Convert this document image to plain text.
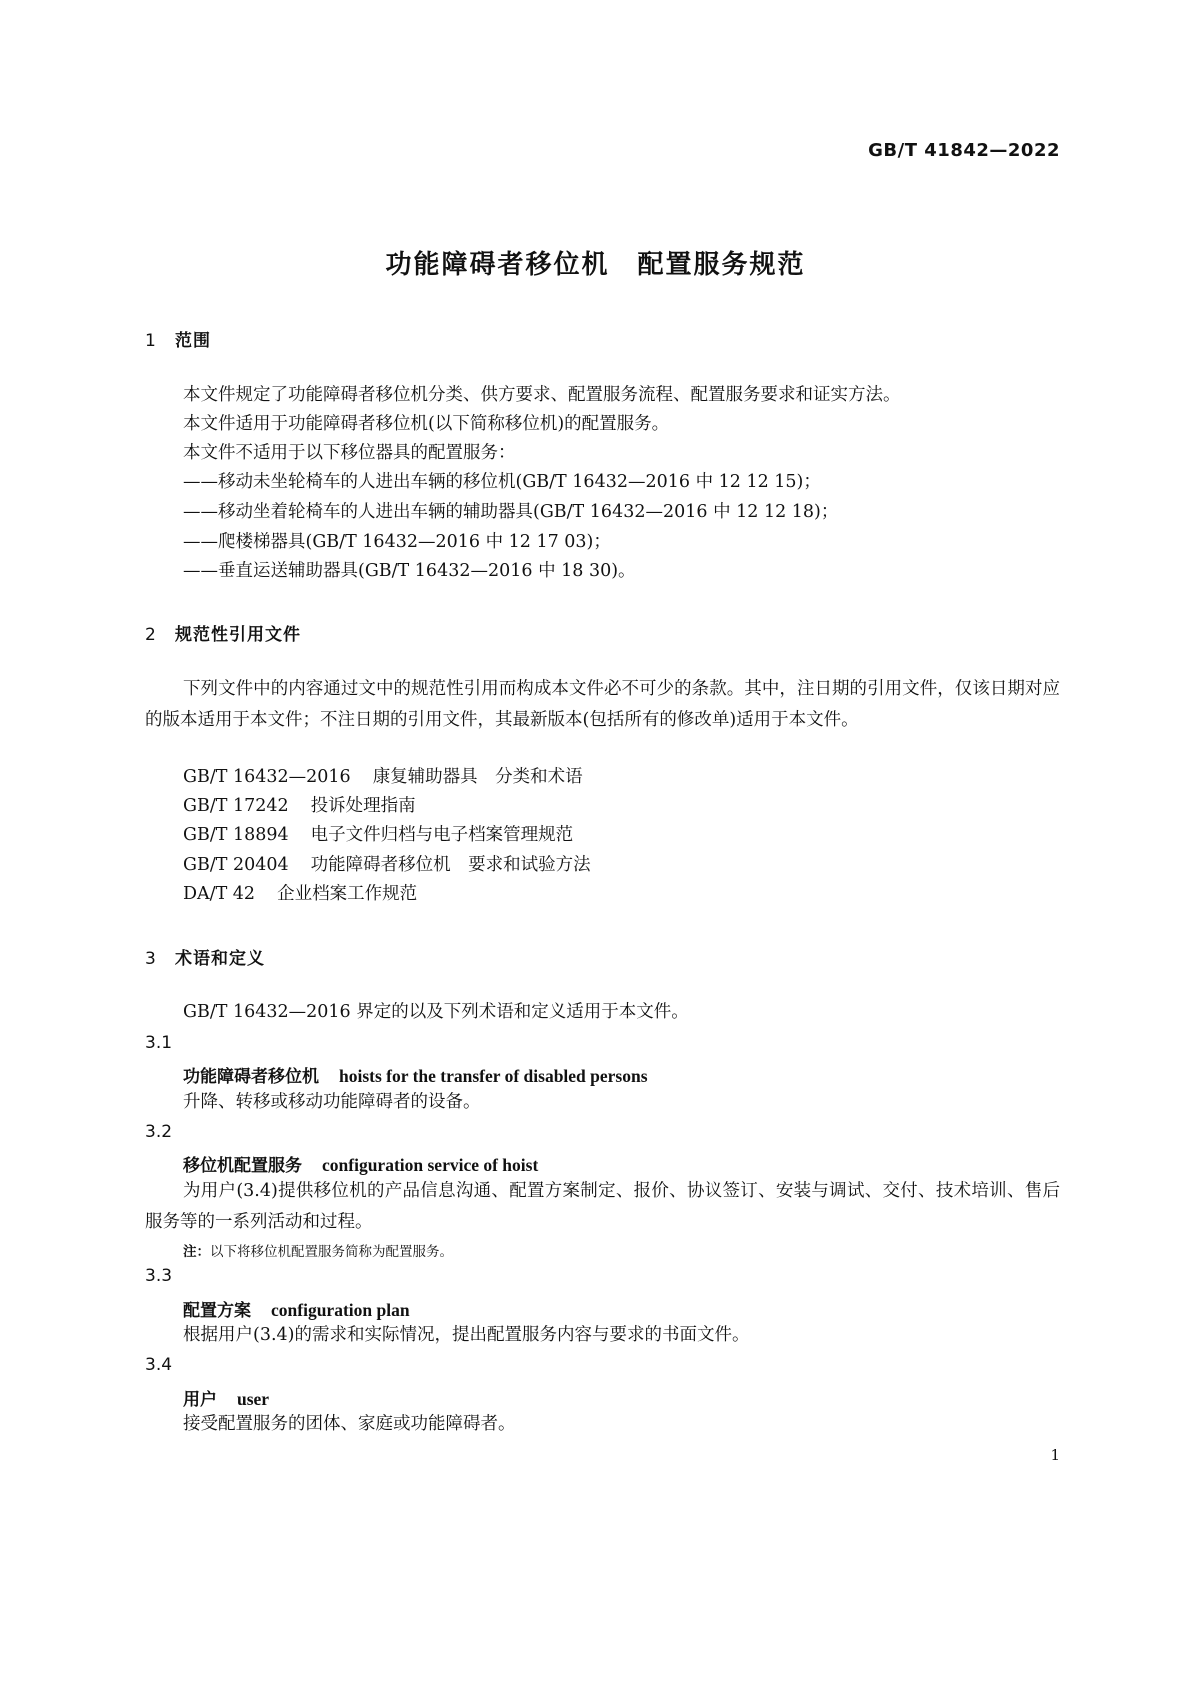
GB/T 41842—2022
功能障碍者移位机　配置服务规范
1 范围
本文件规定了功能障碍者移位机分类、供方要求、配置服务流程、配置服务要求和证实方法。
本文件适用于功能障碍者移位机(以下简称移位机)的配置服务。
本文件不适用于以下移位器具的配置服务：
——移动未坐轮椅车的人进出车辆的移位机(GB/T 16432—2016 中 12 12 15)；
——移动坐着轮椅车的人进出车辆的辅助器具(GB/T 16432—2016 中 12 12 18)；
——爬楼梯器具(GB/T 16432—2016 中 12 17 03)；
——垂直运送辅助器具(GB/T 16432—2016 中 18 30)。
2 规范性引用文件
下列文件中的内容通过文中的规范性引用而构成本文件必不可少的条款。其中，注日期的引用文件，仅该日期对应的版本适用于本文件；不注日期的引用文件，其最新版本(包括所有的修改单)适用于本文件。
GB/T 16432—2016 康复辅助器具　分类和术语
GB/T 17242 投诉处理指南
GB/T 18894 电子文件归档与电子档案管理规范
GB/T 20404 功能障碍者移位机　要求和试验方法
DA/T 42 企业档案工作规范
3 术语和定义
GB/T 16432—2016 界定的以及下列术语和定义适用于本文件。
3.1
功能障碍者移位机 hoists for the transfer of disabled persons
升降、转移或移动功能障碍者的设备。
3.2
移位机配置服务 configuration service of hoist
为用户(3.4)提供移位机的产品信息沟通、配置方案制定、报价、协议签订、安装与调试、交付、技术培训、售后服务等的一系列活动和过程。
注：以下将移位机配置服务简称为配置服务。
3.3
配置方案 configuration plan
根据用户(3.4)的需求和实际情况，提出配置服务内容与要求的书面文件。
3.4
用户 user
接受配置服务的团体、家庭或功能障碍者。
1
